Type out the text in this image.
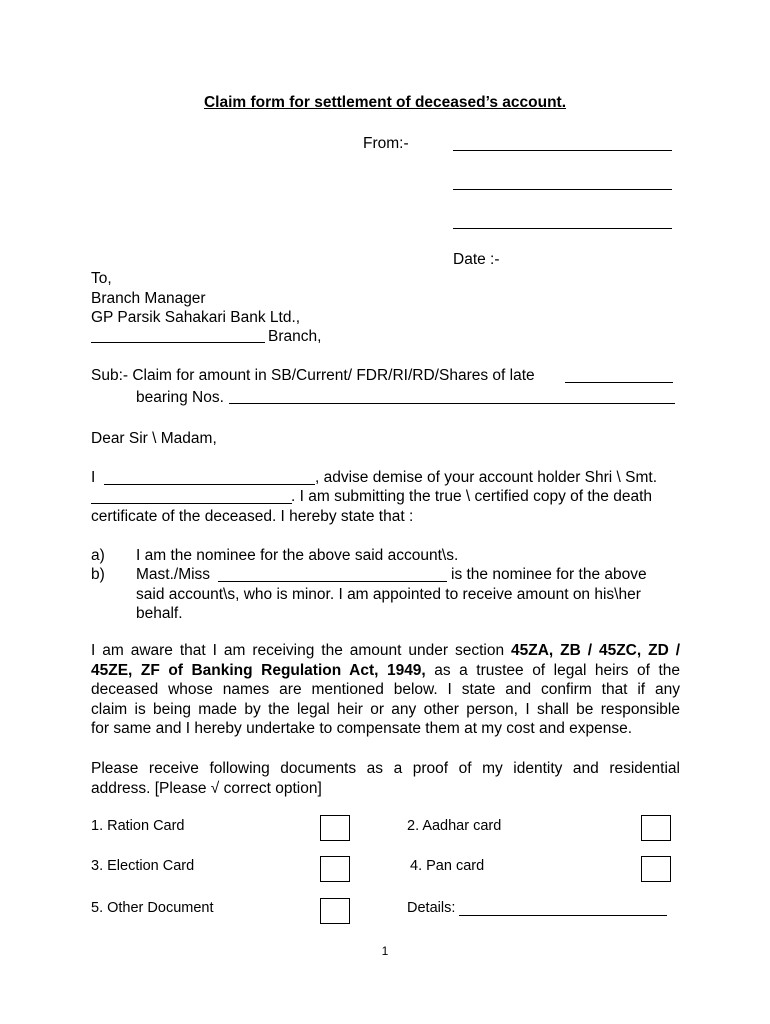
Claim form for settlement of deceased’s account.
From:-
Date :-
To,
Branch Manager
GP Parsik Sahakari Bank Ltd.,
Branch,
Sub:- Claim for amount in SB/Current/ FDR/RI/RD/Shares of late
bearing Nos.
Dear Sir \ Madam,
I	, advise demise of your account holder Shri \ Smt.
. I am submitting the true \ certified copy of the death
certificate of the deceased. I hereby state that :
a) I am the nominee for the above said account\s.
b) Mast./Miss	is the nominee for the above
said account\s, who is minor. I am appointed to receive amount on his\her
behalf.
I am aware that I am receiving the amount under section 45ZA, ZB / 45ZC, ZD /
45ZE, ZF of Banking Regulation Act, 1949, as a trustee of legal heirs of the
deceased whose names are mentioned below. I state and confirm that if any
claim is being made by the legal heir or any other person, I shall be responsible
for same and I hereby undertake to compensate them at my cost and expense.
Please receive following documents as a proof of my identity and residential
address. [Please √ correct option]
1. Ration Card	2. Aadhar card
3. Election Card	4. Pan card
5. Other Document	Details:
1
